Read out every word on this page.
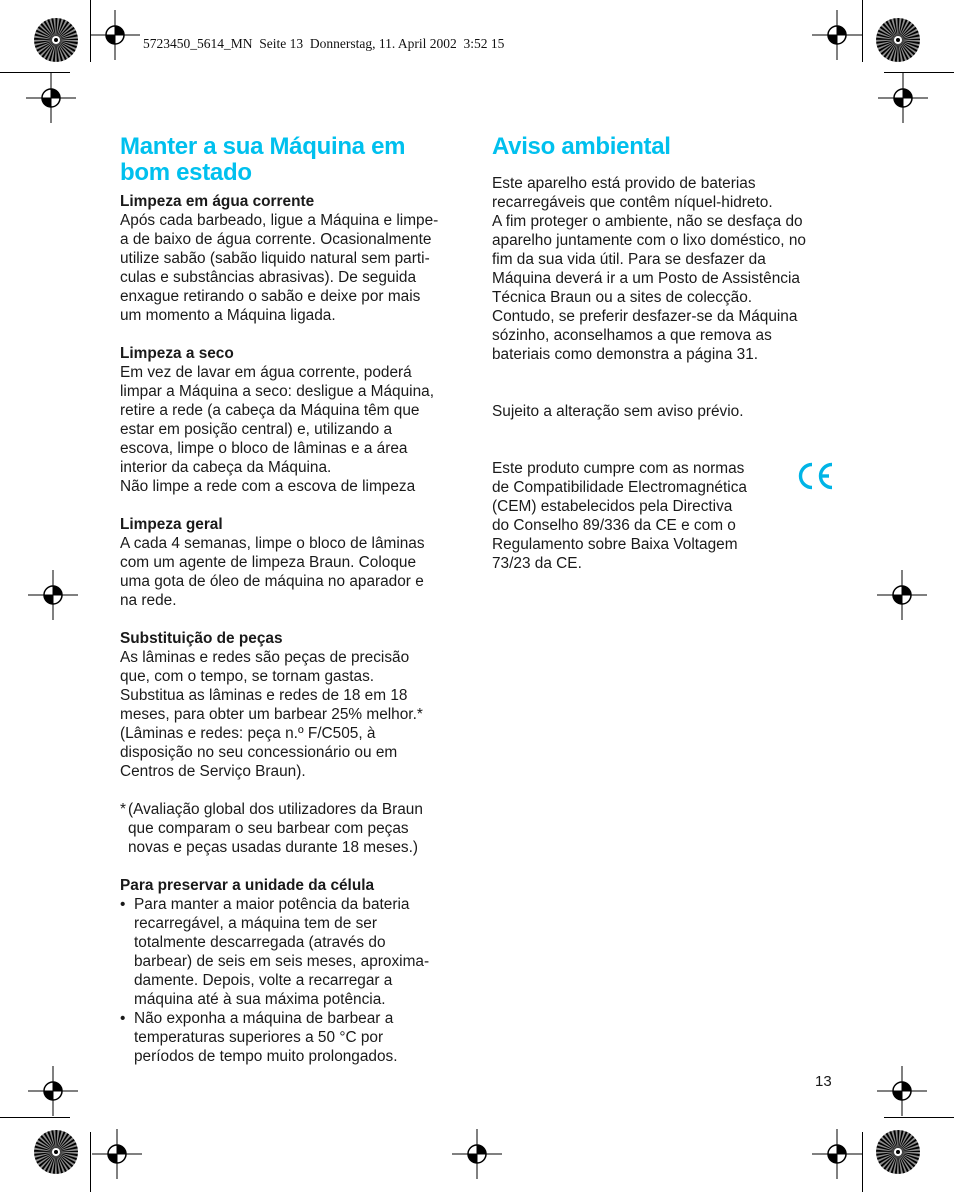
5723450_5614_MN  Seite 13  Donnerstag, 11. April 2002  3:52 15
Manter a sua Máquina em
bom estado
Limpeza em água corrente
Após cada barbeado, ligue a Máquina e limpe-
a de baixo de água corrente. Ocasionalmente
utilize sabão (sabão liquido natural sem parti-
culas e substâncias abrasivas). De seguida
enxague retirando o sabão e deixe por mais
um momento a Máquina ligada.
Limpeza a seco
Em vez de lavar em água corrente, poderá
limpar a Máquina a seco: desligue a Máquina,
retire a rede (a cabeça da Máquina têm que
estar em posição central) e, utilizando a
escova, limpe o bloco de lâminas e a área
interior da cabeça da Máquina.
Não limpe a rede com a escova de limpeza
Limpeza geral
A cada 4 semanas, limpe o bloco de lâminas
com um agente de limpeza Braun. Coloque
uma gota de óleo de máquina no aparador e
na rede.
Substituição de peças
As lâminas e redes são peças de precisão
que, com o tempo, se tornam gastas.
Substitua as lâminas e redes de 18 em 18
meses, para obter um barbear 25% melhor.*
(Lâminas e redes: peça n.º F/C505, à
disposição no seu concessionário ou em
Centros de Serviço Braun).
* (Avaliação global dos utilizadores da Braun
que comparam o seu barbear com peças
novas e peças usadas durante 18 meses.)
Para preservar a unidade da célula
• Para manter a maior potência da bateria
recarregável, a máquina tem de ser
totalmente descarregada (através do
barbear) de seis em seis meses, aproxima-
damente. Depois, volte a recarregar a
máquina até à sua máxima potência.
• Não exponha a máquina de barbear a
temperaturas superiores a 50 °C por
períodos de tempo muito prolongados.
Aviso ambiental
Este aparelho está provido de baterias
recarregáveis que contêm níquel-hidreto.
A fim proteger o ambiente, não se desfaça do
aparelho juntamente com o lixo doméstico, no
fim da sua vida útil. Para se desfazer da
Máquina deverá ir a um Posto de Assistência
Técnica Braun ou a sites de colecção.
Contudo, se preferir desfazer-se da Máquina
sózinho, aconselhamos a que remova as
bateriais como demonstra a página 31.
Sujeito a alteração sem aviso prévio.
Este produto cumpre com as normas
de Compatibilidade Electromagnética
(CEM) estabelecidos pela Directiva
do Conselho 89/336 da CE e com o
Regulamento sobre Baixa Voltagem
73/23 da CE.
13
